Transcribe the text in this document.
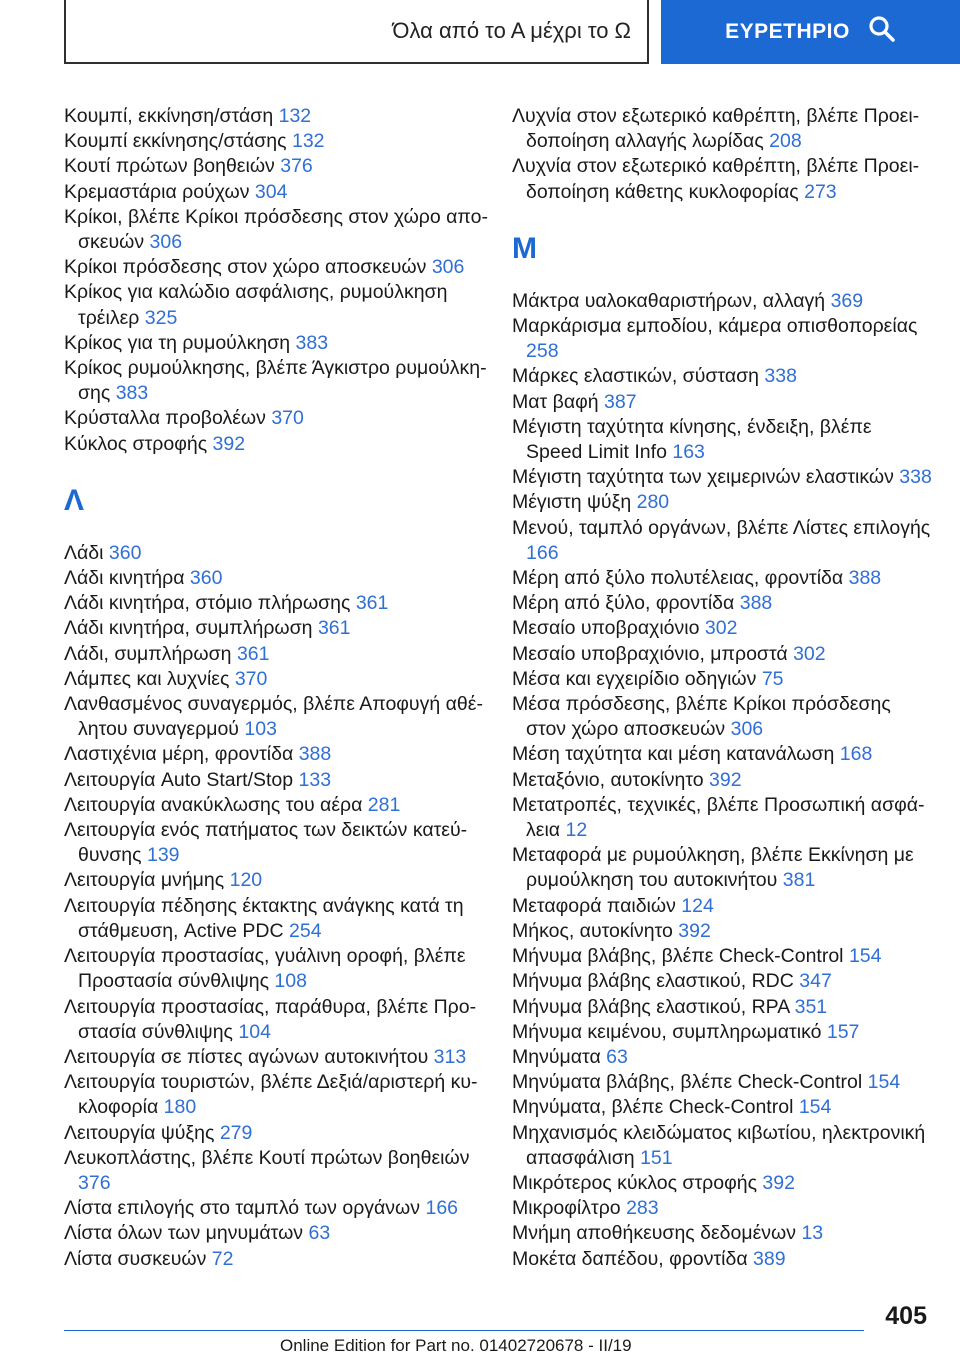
Όλα από το Α μέχρι το Ω	ΕΥΡΕΤΗΡΙΟ
Κουμπί, εκκίνηση/στάση 132
Κουμπί εκκίνησης/στάσης 132
Κουτί πρώτων βοηθειών 376
Κρεμαστάρια ρούχων 304
Κρίκοι, βλέπε Κρίκοι πρόσδεσης στον χώρο αποσκευών 306
Κρίκοι πρόσδεσης στον χώρο αποσκευών 306
Κρίκος για καλώδιο ασφάλισης, ρυμούλκηση τρέιλερ 325
Κρίκος για τη ρυμούλκηση 383
Κρίκος ρυμούλκησης, βλέπε Άγκιστρο ρυμούλκησης 383
Κρύσταλλα προβολέων 370
Κύκλος στροφής 392
Λ
Λάδι 360
Λάδι κινητήρα 360
Λάδι κινητήρα, στόμιο πλήρωσης 361
Λάδι κινητήρα, συμπλήρωση 361
Λάδι, συμπλήρωση 361
Λάμπες και λυχνίες 370
Λανθασμένος συναγερμός, βλέπε Αποφυγή αθέλητου συναγερμού 103
Λαστιχένια μέρη, φροντίδα 388
Λειτουργία Auto Start/Stop 133
Λειτουργία ανακύκλωσης του αέρα 281
Λειτουργία ενός πατήματος των δεικτών κατεύθυνσης 139
Λειτουργία μνήμης 120
Λειτουργία πέδησης έκτακτης ανάγκης κατά τη στάθμευση, Active PDC 254
Λειτουργία προστασίας, γυάλινη οροφή, βλέπε Προστασία σύνθλιψης 108
Λειτουργία προστασίας, παράθυρα, βλέπε Προστασία σύνθλιψης 104
Λειτουργία σε πίστες αγώνων αυτοκινήτου 313
Λειτουργία τουριστών, βλέπε Δεξιά/αριστερή κυκλοφορία 180
Λειτουργία ψύξης 279
Λευκοπλάστης, βλέπε Κουτί πρώτων βοηθειών 376
Λίστα επιλογής στο ταμπλό των οργάνων 166
Λίστα όλων των μηνυμάτων 63
Λίστα συσκευών 72
Λυχνία στον εξωτερικό καθρέπτη, βλέπε Προειδοποίηση αλλαγής λωρίδας 208
Λυχνία στον εξωτερικό καθρέπτη, βλέπε Προειδοποίηση κάθετης κυκλοφορίας 273
Μ
Μάκτρα υαλοκαθαριστήρων, αλλαγή 369
Μαρκάρισμα εμποδίου, κάμερα οπισθοπορείας 258
Μάρκες ελαστικών, σύσταση 338
Ματ βαφή 387
Μέγιστη ταχύτητα κίνησης, ένδειξη, βλέπε Speed Limit Info 163
Μέγιστη ταχύτητα των χειμερινών ελαστικών 338
Μέγιστη ψύξη 280
Μενού, ταμπλό οργάνων, βλέπε Λίστες επιλογής 166
Μέρη από ξύλο πολυτέλειας, φροντίδα 388
Μέρη από ξύλο, φροντίδα 388
Μεσαίο υποβραχιόνιο 302
Μεσαίο υποβραχιόνιο, μπροστά 302
Μέσα και εγχειρίδιο οδηγιών 75
Μέσα πρόσδεσης, βλέπε Κρίκοι πρόσδεσης στον χώρο αποσκευών 306
Μέση ταχύτητα και μέση κατανάλωση 168
Μεταξόνιο, αυτοκίνητο 392
Μετατροπές, τεχνικές, βλέπε Προσωπική ασφάλεια 12
Μεταφορά με ρυμούλκηση, βλέπε Εκκίνηση με ρυμούλκηση του αυτοκινήτου 381
Μεταφορά παιδιών 124
Μήκος, αυτοκίνητο 392
Μήνυμα βλάβης, βλέπε Check-Control 154
Μήνυμα βλάβης ελαστικού, RDC 347
Μήνυμα βλάβης ελαστικού, RPA 351
Μήνυμα κειμένου, συμπληρωματικό 157
Μηνύματα 63
Μηνύματα βλάβης, βλέπε Check-Control 154
Μηνύματα, βλέπε Check-Control 154
Μηχανισμός κλειδώματος κιβωτίου, ηλεκτρονική απασφάλιση 151
Μικρότερος κύκλος στροφής 392
Μικροφίλτρο 283
Μνήμη αποθήκευσης δεδομένων 13
Μοκέτα δαπέδου, φροντίδα 389
405
Online Edition for Part no. 01402720678 - II/19
